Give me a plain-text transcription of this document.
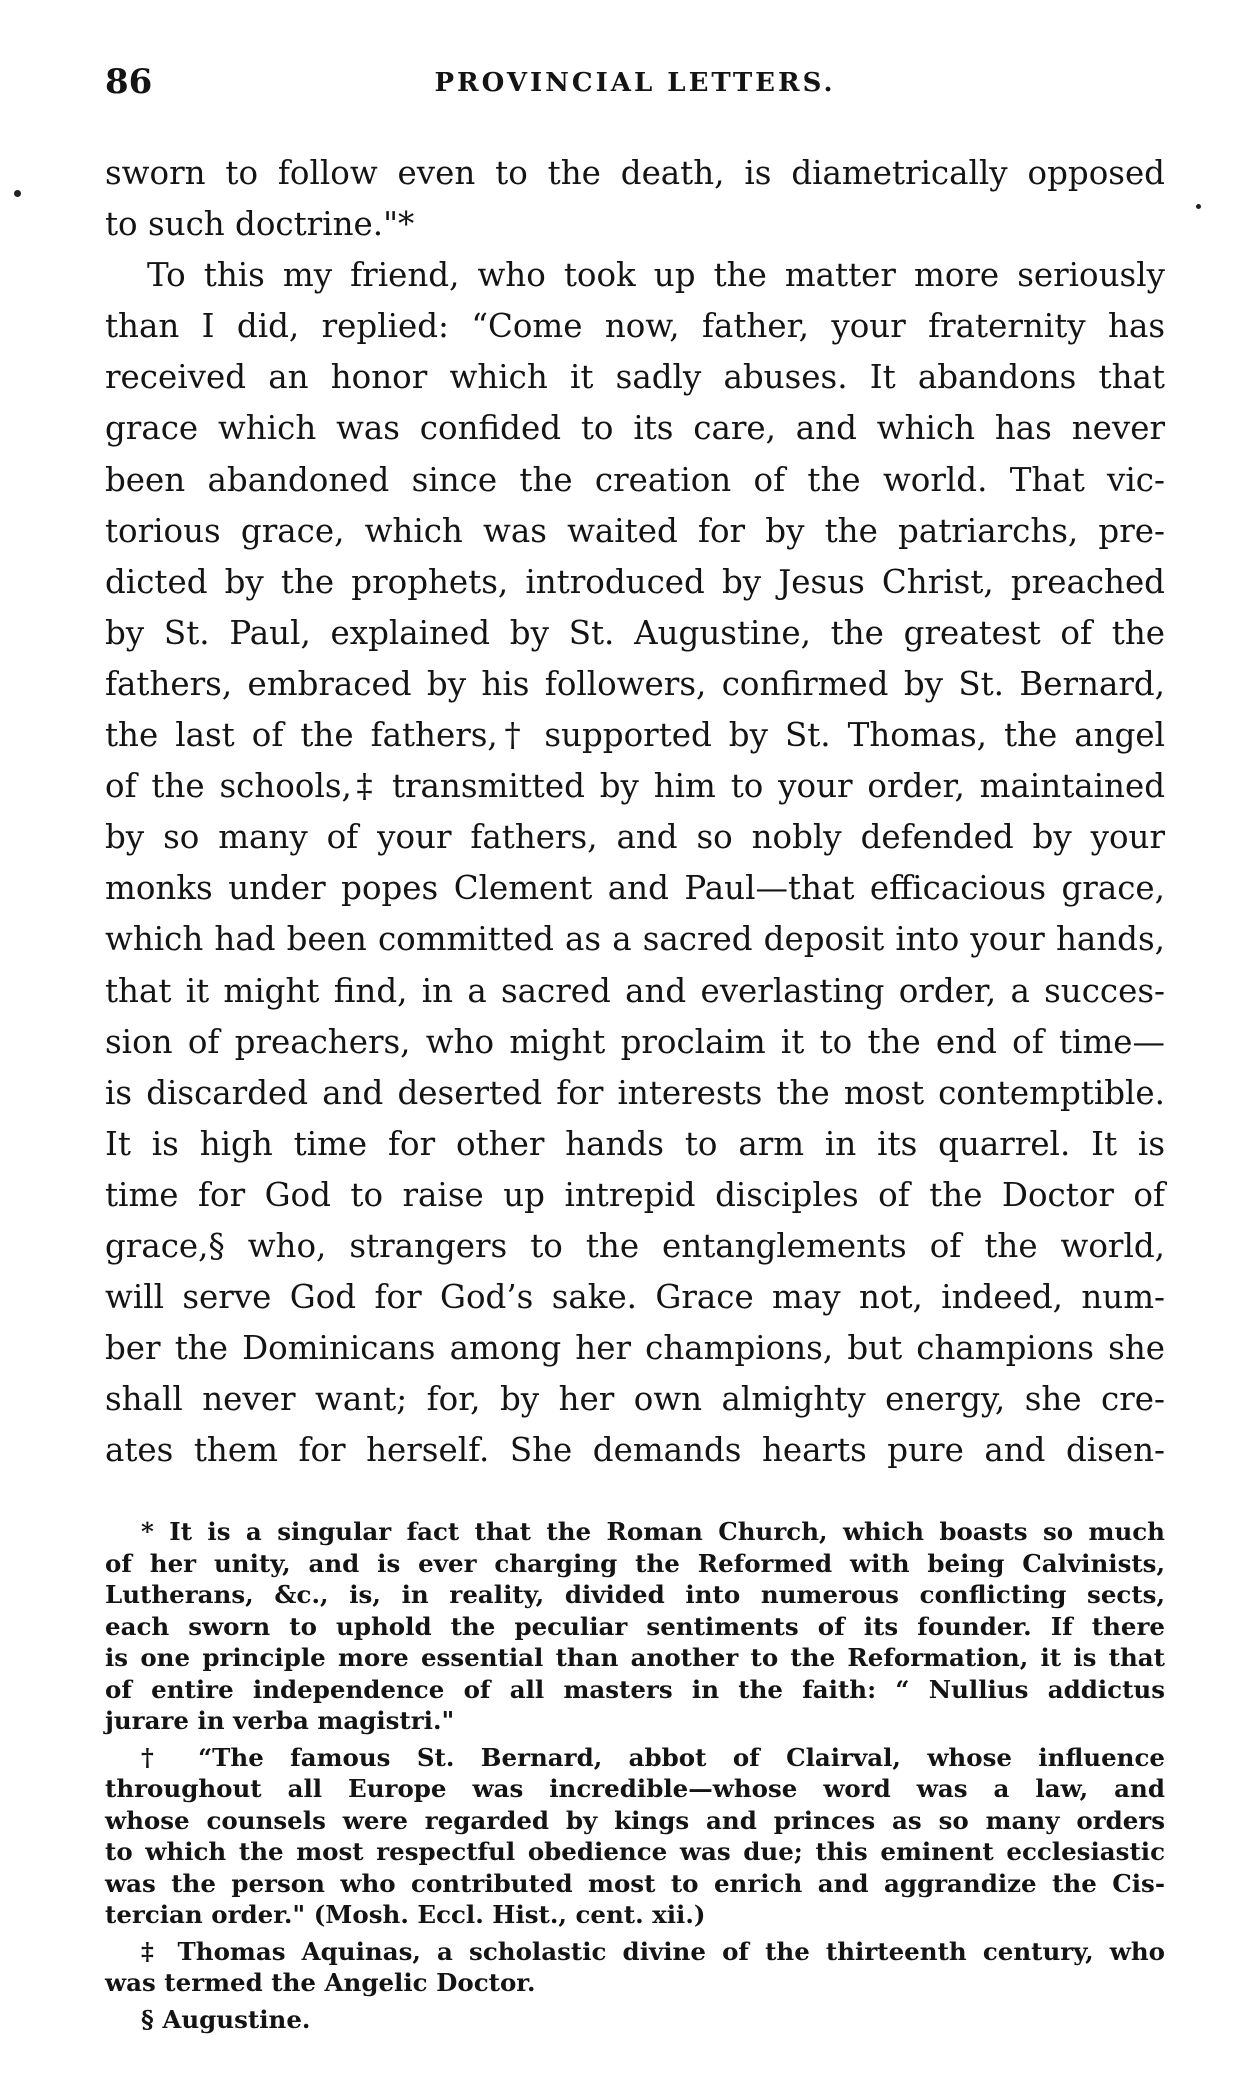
86	PROVINCIAL LETTERS.
sworn to follow even to the death, is diametrically opposed
to such doctrine."*
To this my friend, who took up the matter more seriously
than I did, replied: “Come now, father, your fraternity has
received an honor which it sadly abuses. It abandons that
grace which was confided to its care, and which has never
been abandoned since the creation of the world. That vic-
torious grace, which was waited for by the patriarchs, pre-
dicted by the prophets, introduced by Jesus Christ, preached
by St. Paul, explained by St. Augustine, the greatest of the
fathers, embraced by his followers, confirmed by St. Bernard,
the last of the fathers,† supported by St. Thomas, the angel
of the schools,‡ transmitted by him to your order, maintained
by so many of your fathers, and so nobly defended by your
monks under popes Clement and Paul—that efficacious grace,
which had been committed as a sacred deposit into your hands,
that it might find, in a sacred and everlasting order, a succes-
sion of preachers, who might proclaim it to the end of time—
is discarded and deserted for interests the most contemptible.
It is high time for other hands to arm in its quarrel. It is
time for God to raise up intrepid disciples of the Doctor of
grace,§ who, strangers to the entanglements of the world,
will serve God for God’s sake. Grace may not, indeed, num-
ber the Dominicans among her champions, but champions she
shall never want; for, by her own almighty energy, she cre-
ates them for herself. She demands hearts pure and disen-
* It is a singular fact that the Roman Church, which boasts so much
of her unity, and is ever charging the Reformed with being Calvinists,
Lutherans, &c., is, in reality, divided into numerous conflicting sects,
each sworn to uphold the peculiar sentiments of its founder. If there
is one principle more essential than another to the Reformation, it is that
of entire independence of all masters in the faith: “ Nullius addictus
jurare in verba magistri."
† “The famous St. Bernard, abbot of Clairval, whose influence
throughout all Europe was incredible—whose word was a law, and
whose counsels were regarded by kings and princes as so many orders
to which the most respectful obedience was due; this eminent ecclesiastic
was the person who contributed most to enrich and aggrandize the Cis-
tercian order." (Mosh. Eccl. Hist., cent. xii.)
‡ Thomas Aquinas, a scholastic divine of the thirteenth century, who
was termed the Angelic Doctor.
§ Augustine.
